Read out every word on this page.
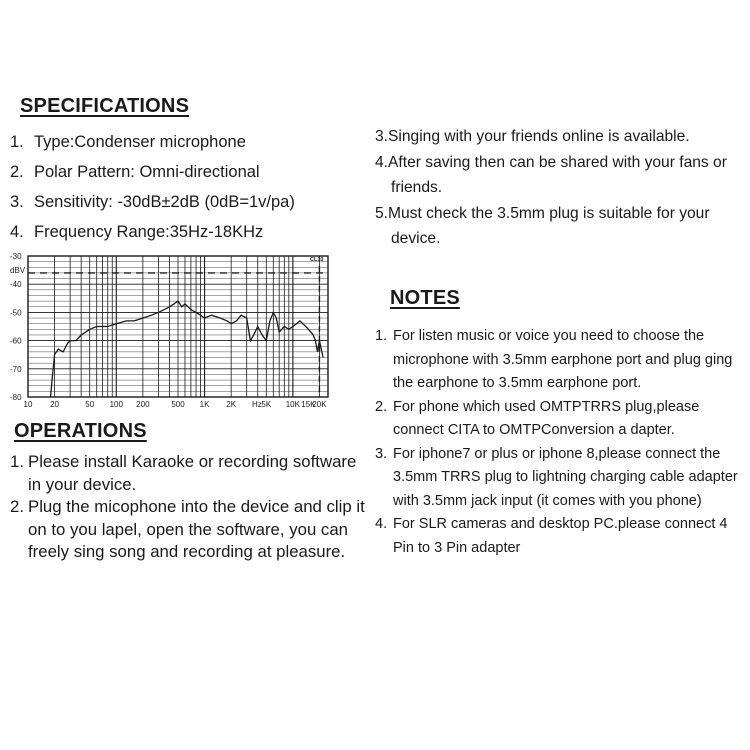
SPECIFICATIONS
1. Type:Condenser microphone
2. Polar Pattern: Omni-directional
3. Sensitivity: -30dB±2dB (0dB=1v/pa)
4. Frequency Range:35Hz-18KHz
-30
-40
-50
-60
-70
-80
10 20	50 100 200	500 1K 2K	5K 10K 15K
20K
dBV
Hz
CL10
OPERATIONS
1. Please install Karaoke or recording software in your device.
2. Plug the micophone into the device and clip it on to you lapel, open the software, you can freely sing song and recording at pleasure.
3.Singing with your friends online is available.
4.After saving then can be shared with your fans or friends.
5.Must check the 3.5mm plug is suitable for your device.
NOTES
1. For listen music or voice you need to choose the microphone with 3.5mm earphone port and plug ging the earphone to 3.5mm earphone port.
2. For phone which used OMTPTRRS plug,please connect CITA to OMTPConversion a dapter.
3. For iphone7 or plus or iphone 8,please connect the 3.5mm TRRS plug to lightning charging cable adapter with 3.5mm jack input (it comes with you phone)
4. For SLR cameras and desktop PC.please connect 4 Pin to 3 Pin adapter
